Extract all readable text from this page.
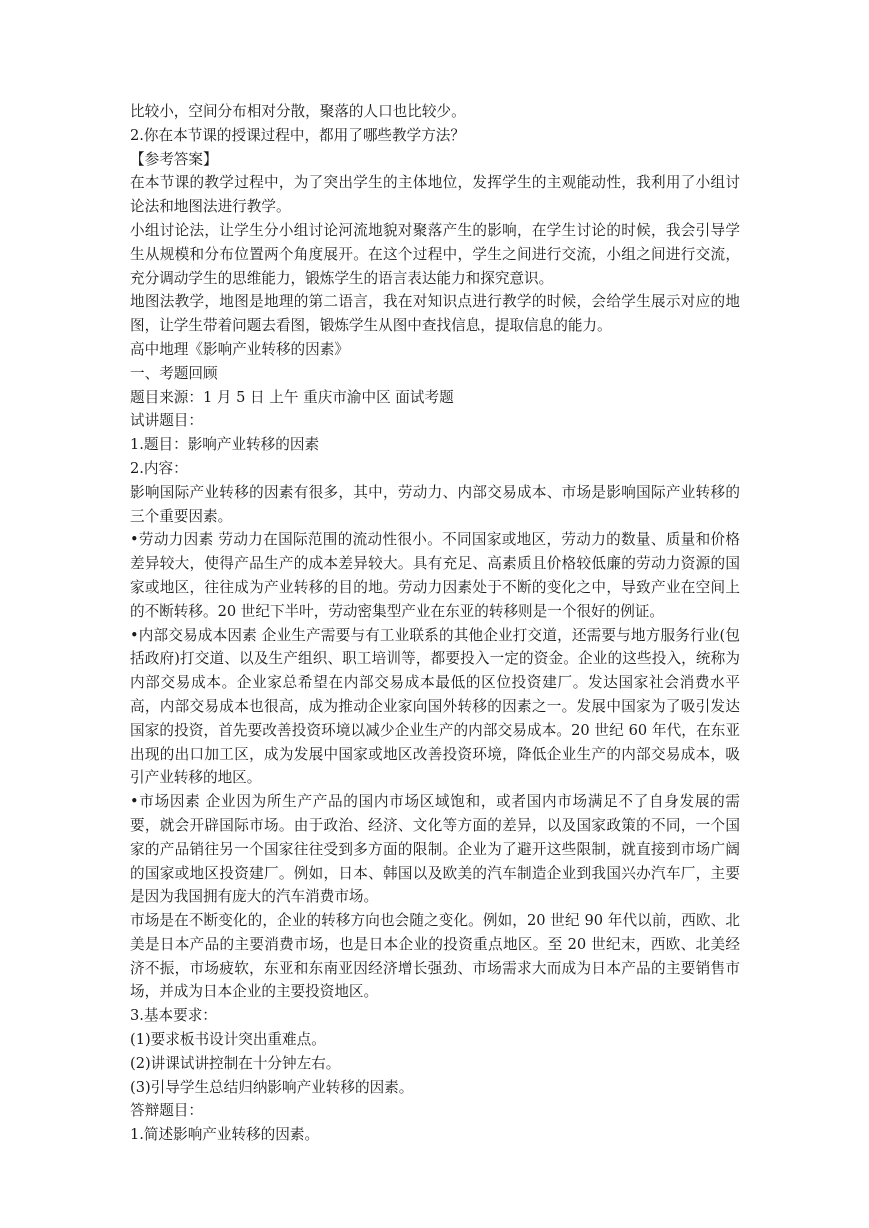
比较小，空间分布相对分散，聚落的人口也比较少。

2.你在本节课的授课过程中，都用了哪些教学方法？

【参考答案】

在本节课的教学过程中，为了突出学生的主体地位，发挥学生的主观能动性，我利用了小组讨论法和地图法进行教学。

小组讨论法，让学生分小组讨论河流地貌对聚落产生的影响，在学生讨论的时候，我会引导学生从规模和分布位置两个角度展开。在这个过程中，学生之间进行交流，小组之间进行交流，充分调动学生的思维能力，锻炼学生的语言表达能力和探究意识。

地图法教学，地图是地理的第二语言，我在对知识点进行教学的时候，会给学生展示对应的地图，让学生带着问题去看图，锻炼学生从图中查找信息，提取信息的能力。

高中地理《影响产业转移的因素》

一、考题回顾

题目来源：1 月 5 日 上午 重庆市渝中区 面试考题

试讲题目：

1.题目：影响产业转移的因素

2.内容：

影响国际产业转移的因素有很多，其中，劳动力、内部交易成本、市场是影响国际产业转移的三个重要因素。

•劳动力因素 劳动力在国际范围的流动性很小。不同国家或地区，劳动力的数量、质量和价格差异较大，使得产品生产的成本差异较大。具有充足、高素质且价格较低廉的劳动力资源的国家或地区，往往成为产业转移的目的地。劳动力因素处于不断的变化之中，导致产业在空间上的不断转移。20 世纪下半叶，劳动密集型产业在东亚的转移则是一个很好的例证。

•内部交易成本因素 企业生产需要与有工业联系的其他企业打交道，还需要与地方服务行业(包括政府)打交道、以及生产组织、职工培训等，都要投入一定的资金。企业的这些投入，统称为内部交易成本。企业家总希望在内部交易成本最低的区位投资建厂。发达国家社会消费水平高，内部交易成本也很高，成为推动企业家向国外转移的因素之一。发展中国家为了吸引发达国家的投资，首先要改善投资环境以减少企业生产的内部交易成本。20 世纪 60 年代，在东亚出现的出口加工区，成为发展中国家或地区改善投资环境，降低企业生产的内部交易成本，吸引产业转移的地区。

•市场因素 企业因为所生产产品的国内市场区域饱和，或者国内市场满足不了自身发展的需要，就会开辟国际市场。由于政治、经济、文化等方面的差异，以及国家政策的不同，一个国家的产品销往另一个国家往往受到多方面的限制。企业为了避开这些限制，就直接到市场广阔的国家或地区投资建厂。例如，日本、韩国以及欧美的汽车制造企业到我国兴办汽车厂，主要是因为我国拥有庞大的汽车消费市场。

市场是在不断变化的，企业的转移方向也会随之变化。例如，20 世纪 90 年代以前，西欧、北美是日本产品的主要消费市场，也是日本企业的投资重点地区。至 20 世纪末，西欧、北美经济不振，市场疲软，东亚和东南亚因经济增长强劲、市场需求大而成为日本产品的主要销售市场，并成为日本企业的主要投资地区。

3.基本要求：

(1)要求板书设计突出重难点。

(2)讲课试讲控制在十分钟左右。

(3)引导学生总结归纳影响产业转移的因素。

答辩题目：

1.简述影响产业转移的因素。
